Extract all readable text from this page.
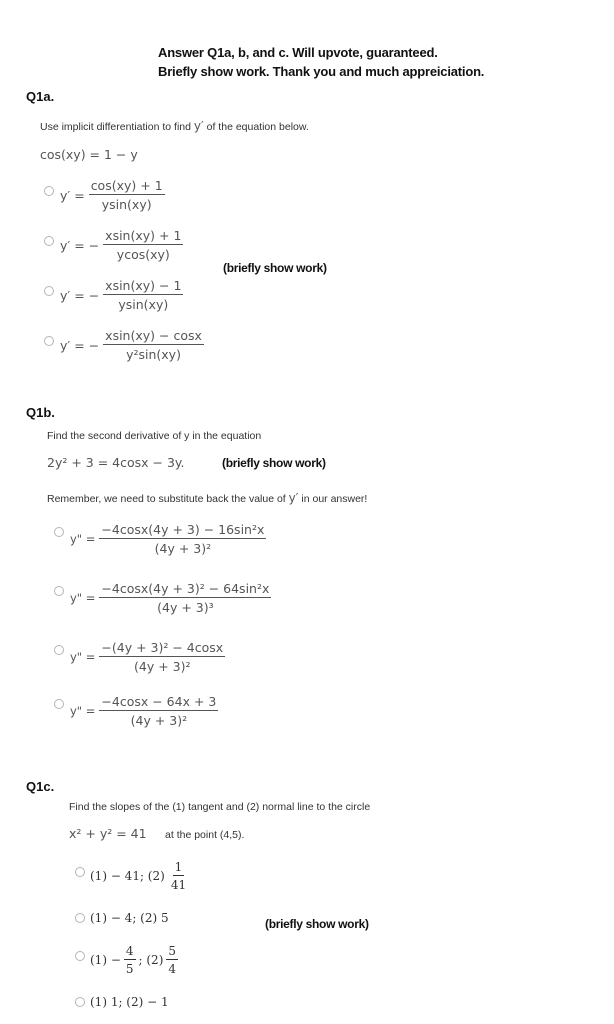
Answer Q1a, b, and c. Will upvote, guaranteed.
Briefly show work. Thank you and much appreiciation.
Q1a.
Use implicit differentiation to find y′ of the equation below.
cos(xy) = 1 − y
$y' = \frac{\cos(xy) + 1}{ysin(xy)}$
y′ = − $\frac{xsin(xy) + 1}{ycos(xy)}$
y′ = − $\frac{xsin(xy) - 1}{ysin(xy)}$
y′ = − $\frac{xsin(xy) - \cos x}{\text{y²sin(xy)}}$
(briefly show work)
Q1b.
Find the second derivative of y in the equation
2y² + 3 = 4cosx − 3y.	(briefly show work)
Remember, we need to substitute back the value of y′ in our answer!
y" = $\frac{\text{−4cosx(4y + 3) − 16sin²x}}{\text{(4y + 3)²}}$
y" = $\frac{\text{−4cosx(4y + 3)² − 64sin²x}}{\text{(4y + 3)³}}$
y" = $\frac{\text{−(4y + 3)² − 4cosx}}{\text{(4y + 3)²}}$
y" = $\frac{-4\cos x - 64x + 3}{\text{(4y + 3)²}}$
Q1c.
Find the slopes of the (1) tangent and (2) normal line to the circle
x² + y² = 41 at the point (4,5).
(1) − 41; $(2) \frac{1}{41}$
(1) − 4; (2) 5
$(1) - \frac{4}{5}$ ; $(2) \frac{5}{4}$
(1) 1; (2) − 1
(briefly show work)
